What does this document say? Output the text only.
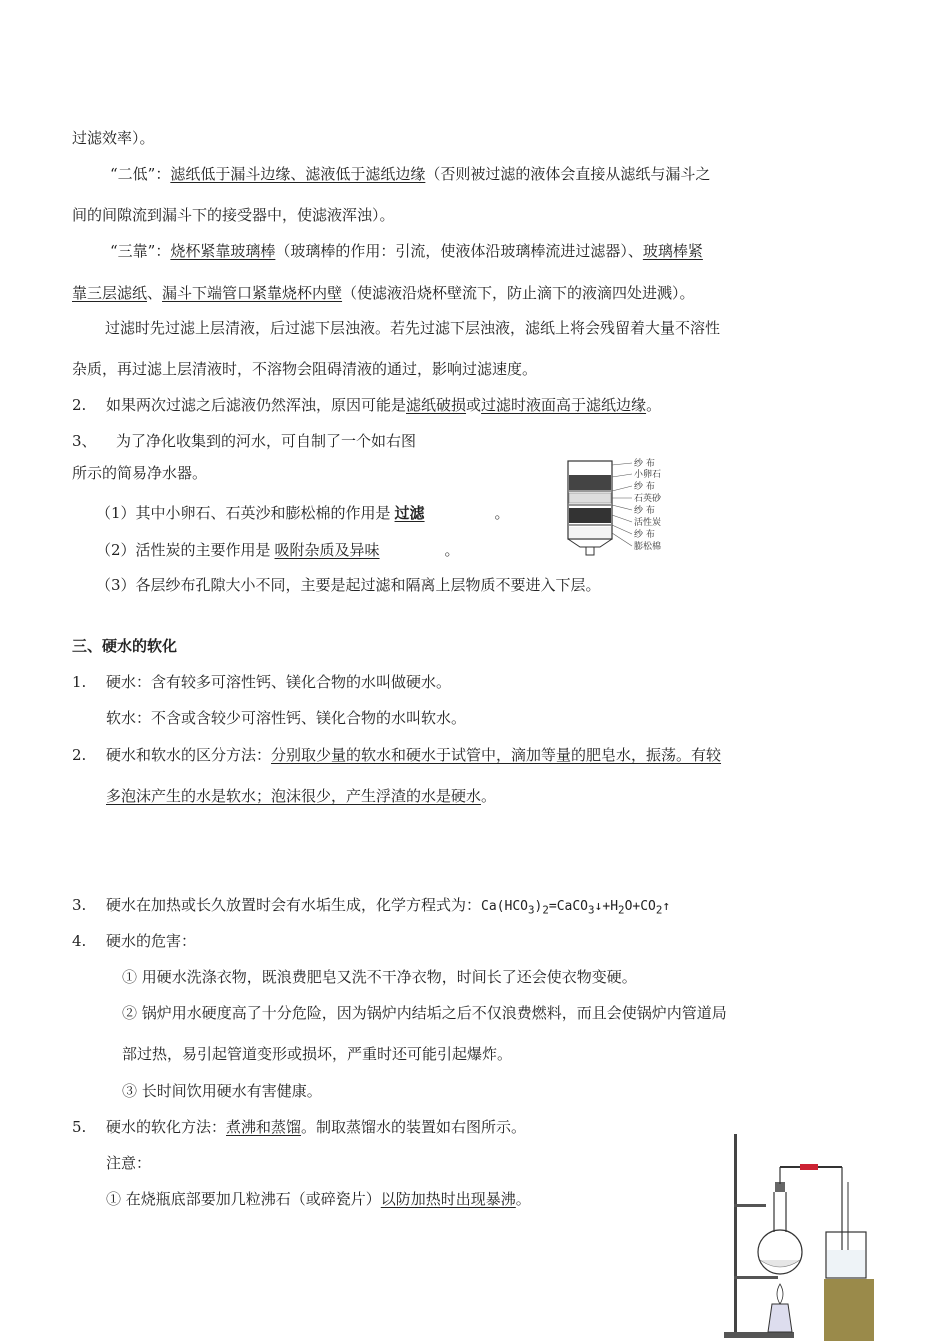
过滤效率）。
“二低”：滤纸低于漏斗边缘、滤液低于滤纸边缘（否则被过滤的液体会直接从滤纸与漏斗之
间的间隙流到漏斗下的接受器中，使滤液浑浊）。
“三靠”：烧杯紧靠玻璃棒（玻璃棒的作用：引流，使液体沿玻璃棒流进过滤器）、玻璃棒紧
靠三层滤纸、漏斗下端管口紧靠烧杯内壁（使滤液沿烧杯壁流下，防止滴下的液滴四处进溅）。
过滤时先过滤上层清液，后过滤下层浊液。若先过滤下层浊液，滤纸上将会残留着大量不溶性
杂质，再过滤上层清液时，不溶物会阻碍清液的通过，影响过滤速度。
2. 如果两次过滤之后滤液仍然浑浊，原因可能是滤纸破损或过滤时液面高于滤纸边缘。
3、 为了净化收集到的河水，可自制了一个如右图
所示的简易净水器。
（1）其中小卵石、石英沙和膨松棉的作用是 过滤	。
（2）活性炭的主要作用是 吸附杂质及异味	。
（3）各层纱布孔隙大小不同，主要是起过滤和隔离上层物质不要进入下层。
纱 布
小卵石
纱 布
石英砂
纱 布
活性炭
纱 布
膨松棉
三、硬水的软化
1. 硬水：含有较多可溶性钙、镁化合物的水叫做硬水。
软水：不含或含较少可溶性钙、镁化合物的水叫软水。
2. 硬水和软水的区分方法：分别取少量的软水和硬水于试管中，滴加等量的肥皂水，振荡。有较
多泡沫产生的水是软水；泡沫很少，产生浮渣的水是硬水。
3. 硬水在加热或长久放置时会有水垢生成，化学方程式为：$Ca(HCO_3)_2=CaCO_3↓+H_2O+CO_2↑$
4. 硬水的危害：
① 用硬水洗涤衣物，既浪费肥皂又洗不干净衣物，时间长了还会使衣物变硬。
② 锅炉用水硬度高了十分危险，因为锅炉内结垢之后不仅浪费燃料，而且会使锅炉内管道局
部过热，易引起管道变形或损坏，严重时还可能引起爆炸。
③ 长时间饮用硬水有害健康。
5. 硬水的软化方法：煮沸和蒸馏。制取蒸馏水的装置如右图所示。
注意：
① 在烧瓶底部要加几粒沸石（或碎瓷片）以防加热时出现暴沸。
